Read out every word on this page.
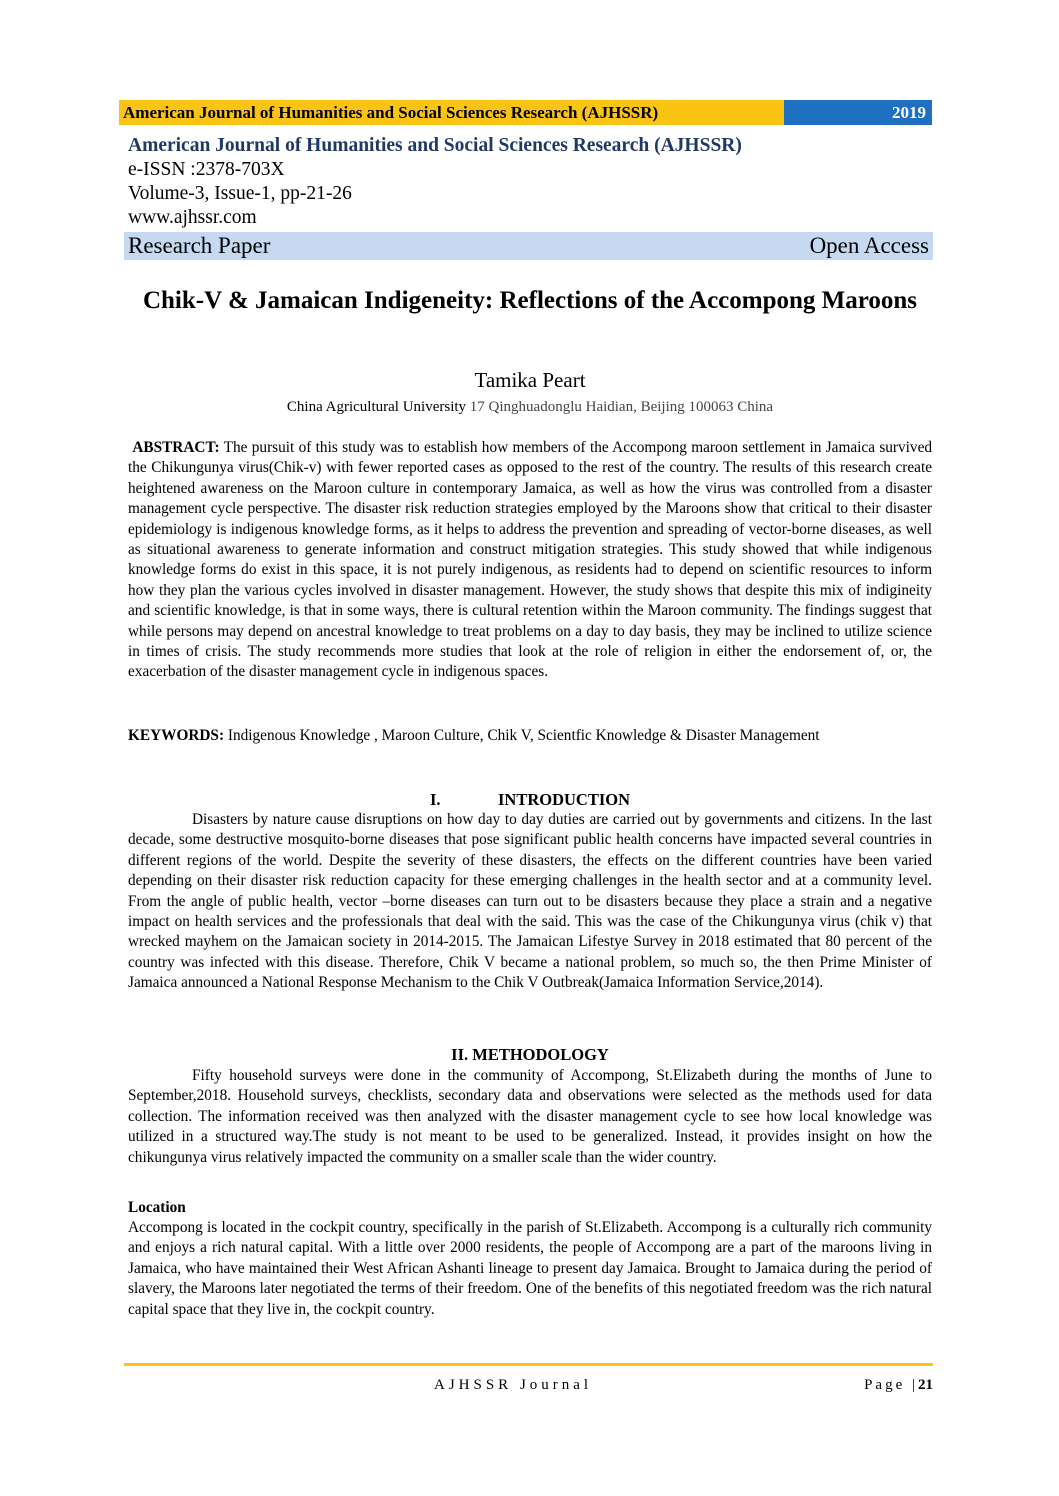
American Journal of Humanities and Social Sciences Research (AJHSSR)	2019
American Journal of Humanities and Social Sciences Research (AJHSSR)
e-ISSN :2378-703X
Volume-3, Issue-1, pp-21-26
www.ajhssr.com
Research Paper	Open Access
Chik-V & Jamaican Indigeneity: Reflections of the Accompong Maroons
Tamika Peart
China Agricultural University 17 Qinghuadonglu Haidian, Beijing 100063 China
ABSTRACT: The pursuit of this study was to establish how members of the Accompong maroon settlement in Jamaica survived the Chikungunya virus(Chik-v) with fewer reported cases as opposed to the rest of the country. The results of this research create heightened awareness on the Maroon culture in contemporary Jamaica, as well as how the virus was controlled from a disaster management cycle perspective. The disaster risk reduction strategies employed by the Maroons show that critical to their disaster epidemiology is indigenous knowledge forms, as it helps to address the prevention and spreading of vector-borne diseases, as well as situational awareness to generate information and construct mitigation strategies. This study showed that while indigenous knowledge forms do exist in this space, it is not purely indigenous, as residents had to depend on scientific resources to inform how they plan the various cycles involved in disaster management. However, the study shows that despite this mix of indigineity and scientific knowledge, is that in some ways, there is cultural retention within the Maroon community. The findings suggest that while persons may depend on ancestral knowledge to treat problems on a day to day basis, they may be inclined to utilize science in times of crisis. The study recommends more studies that look at the role of religion in either the endorsement of, or, the exacerbation of the disaster management cycle in indigenous spaces.
KEYWORDS: Indigenous Knowledge , Maroon Culture, Chik V, Scientfic Knowledge & Disaster Management
I.	INTRODUCTION
Disasters by nature cause disruptions on how day to day duties are carried out by governments and citizens. In the last decade, some destructive mosquito-borne diseases that pose significant public health concerns have impacted several countries in different regions of the world. Despite the severity of these disasters, the effects on the different countries have been varied depending on their disaster risk reduction capacity for these emerging challenges in the health sector and at a community level. From the angle of public health, vector –borne diseases can turn out to be disasters because they place a strain and a negative impact on health services and the professionals that deal with the said. This was the case of the Chikungunya virus (chik v) that wrecked mayhem on the Jamaican society in 2014-2015. The Jamaican Lifestye Survey in 2018 estimated that 80 percent of the country was infected with this disease. Therefore, Chik V became a national problem, so much so, the then Prime Minister of Jamaica announced a National Response Mechanism to the Chik V Outbreak(Jamaica Information Service,2014).
II. METHODOLOGY
Fifty household surveys were done in the community of Accompong, St.Elizabeth during the months of June to September,2018. Household surveys, checklists, secondary data and observations were selected as the methods used for data collection. The information received was then analyzed with the disaster management cycle to see how local knowledge was utilized in a structured way.The study is not meant to be used to be generalized. Instead, it provides insight on how the chikungunya virus relatively impacted the community on a smaller scale than the wider country.
Location
Accompong is located in the cockpit country, specifically in the parish of St.Elizabeth. Accompong is a culturally rich community and enjoys a rich natural capital. With a little over 2000 residents, the people of Accompong are a part of the maroons living in Jamaica, who have maintained their West African Ashanti lineage to present day Jamaica. Brought to Jamaica during the period of slavery, the Maroons later negotiated the terms of their freedom. One of the benefits of this negotiated freedom was the rich natural capital space that they live in, the cockpit country.
AJHSSR Journal	Page |21
